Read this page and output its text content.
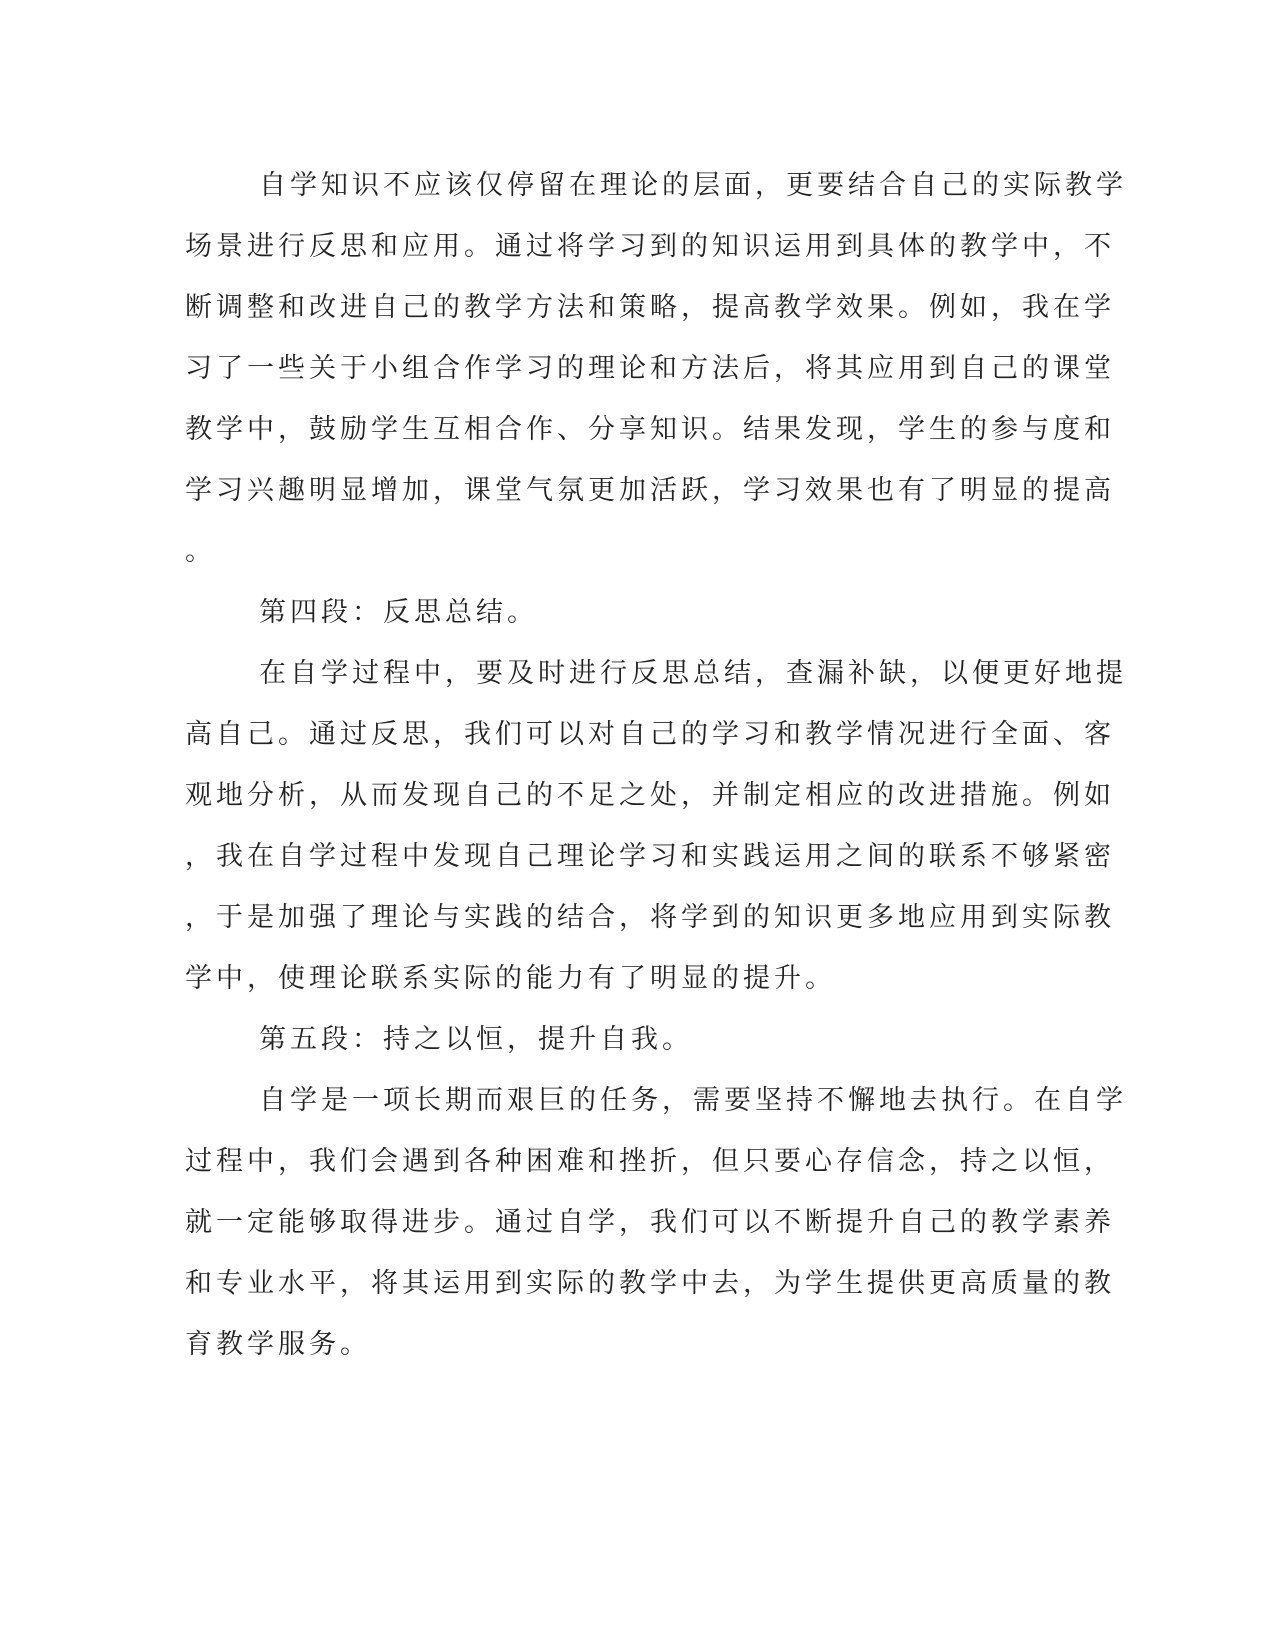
自学知识不应该仅停留在理论的层面，更要结合自己的实际教学
场景进行反思和应用。通过将学习到的知识运用到具体的教学中，不
断调整和改进自己的教学方法和策略，提高教学效果。例如，我在学
习了一些关于小组合作学习的理论和方法后，将其应用到自己的课堂
教学中，鼓励学生互相合作、分享知识。结果发现，学生的参与度和
学习兴趣明显增加，课堂气氛更加活跃，学习效果也有了明显的提高
。
第四段：反思总结。
在自学过程中，要及时进行反思总结，查漏补缺，以便更好地提
高自己。通过反思，我们可以对自己的学习和教学情况进行全面、客
观地分析，从而发现自己的不足之处，并制定相应的改进措施。例如
，我在自学过程中发现自己理论学习和实践运用之间的联系不够紧密
，于是加强了理论与实践的结合，将学到的知识更多地应用到实际教
学中，使理论联系实际的能力有了明显的提升。
第五段：持之以恒，提升自我。
自学是一项长期而艰巨的任务，需要坚持不懈地去执行。在自学
过程中，我们会遇到各种困难和挫折，但只要心存信念，持之以恒，
就一定能够取得进步。通过自学，我们可以不断提升自己的教学素养
和专业水平，将其运用到实际的教学中去，为学生提供更高质量的教
育教学服务。
